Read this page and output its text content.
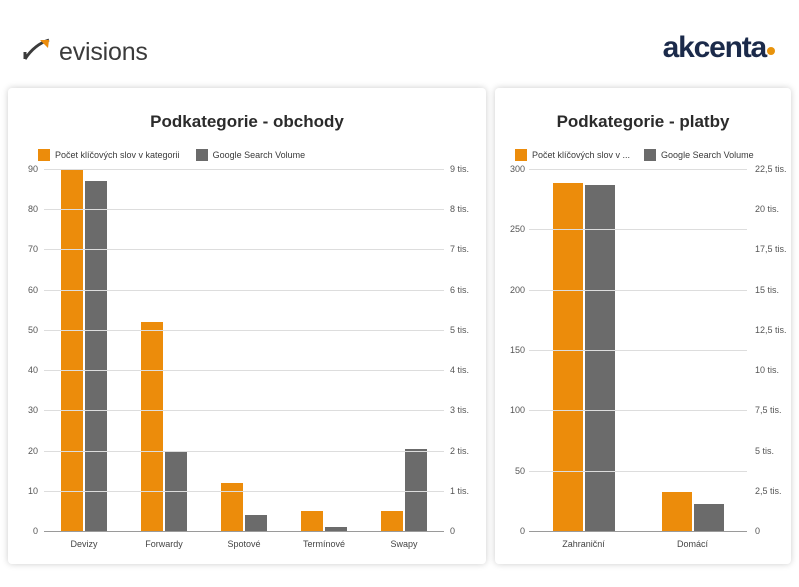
evisions	akcenta
Podkategorie - obchody
Počet klíčových slov v kategorii	Google Search Volume
0
10
20
30
40
50
60
70
80
90
0
1 tis.
2 tis.
3 tis.
4 tis.
5 tis.
6 tis.
7 tis.
8 tis.
9 tis.
Devizy	Forwardy	Spotové	Termínové	Swapy
Podkategorie - platby
Počet klíčových slov v ...	Google Search Volume
0
50
100
150
200
250
300
0
2,5 tis.
5 tis.
7,5 tis.
10 tis.
12,5 tis.
15 tis.
17,5 tis.
20 tis.
22,5 tis.
Zahraniční	Domácí
